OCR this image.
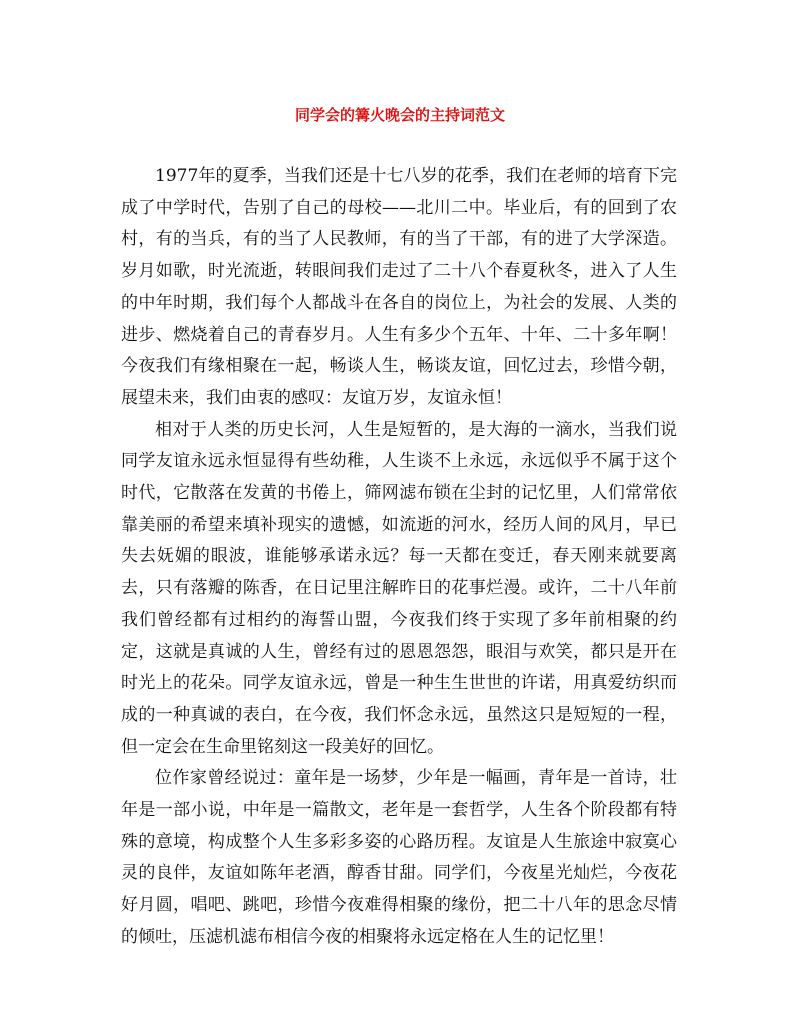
同学会的篝火晚会的主持词范文

1977年的夏季，当我们还是十七八岁的花季，我们在老师的培育下完成了中学时代，告别了自己的母校——北川二中。毕业后，有的回到了农村，有的当兵，有的当了人民教师，有的当了干部，有的进了大学深造。岁月如歌，时光流逝，转眼间我们走过了二十八个春夏秋冬，进入了人生的中年时期，我们每个人都战斗在各自的岗位上，为社会的发展、人类的进步、燃烧着自己的青春岁月。人生有多少个五年、十年、二十多年啊！今夜我们有缘相聚在一起，畅谈人生，畅谈友谊，回忆过去，珍惜今朝，展望未来，我们由衷的感叹：友谊万岁，友谊永恒！

相对于人类的历史长河，人生是短暂的，是大海的一滴水，当我们说同学友谊永远永恒显得有些幼稚，人生谈不上永远，永远似乎不属于这个时代，它散落在发黄的书倦上，筛网滤布锁在尘封的记忆里，人们常常依靠美丽的希望来填补现实的遗憾，如流逝的河水，经历人间的风月，早已失去妩媚的眼波，谁能够承诺永远？每一天都在变迁，春天刚来就要离去，只有落瓣的陈香，在日记里注解昨日的花事烂漫。或许，二十八年前我们曾经都有过相约的海誓山盟，今夜我们终于实现了多年前相聚的约定，这就是真诚的人生，曾经有过的恩恩怨怨，眼泪与欢笑，都只是开在时光上的花朵。同学友谊永远，曾是一种生生世世的许诺，用真爱纺织而成的一种真诚的表白，在今夜，我们怀念永远，虽然这只是短短的一程，但一定会在生命里铭刻这一段美好的回忆。

位作家曾经说过：童年是一场梦，少年是一幅画，青年是一首诗，壮年是一部小说，中年是一篇散文，老年是一套哲学，人生各个阶段都有特殊的意境，构成整个人生多彩多姿的心路历程。友谊是人生旅途中寂寞心灵的良伴，友谊如陈年老酒，醇香甘甜。同学们，今夜星光灿烂，今夜花好月圆，唱吧、跳吧，珍惜今夜难得相聚的缘份，把二十八年的思念尽情的倾吐，压滤机滤布相信今夜的相聚将永远定格在人生的记忆里！
